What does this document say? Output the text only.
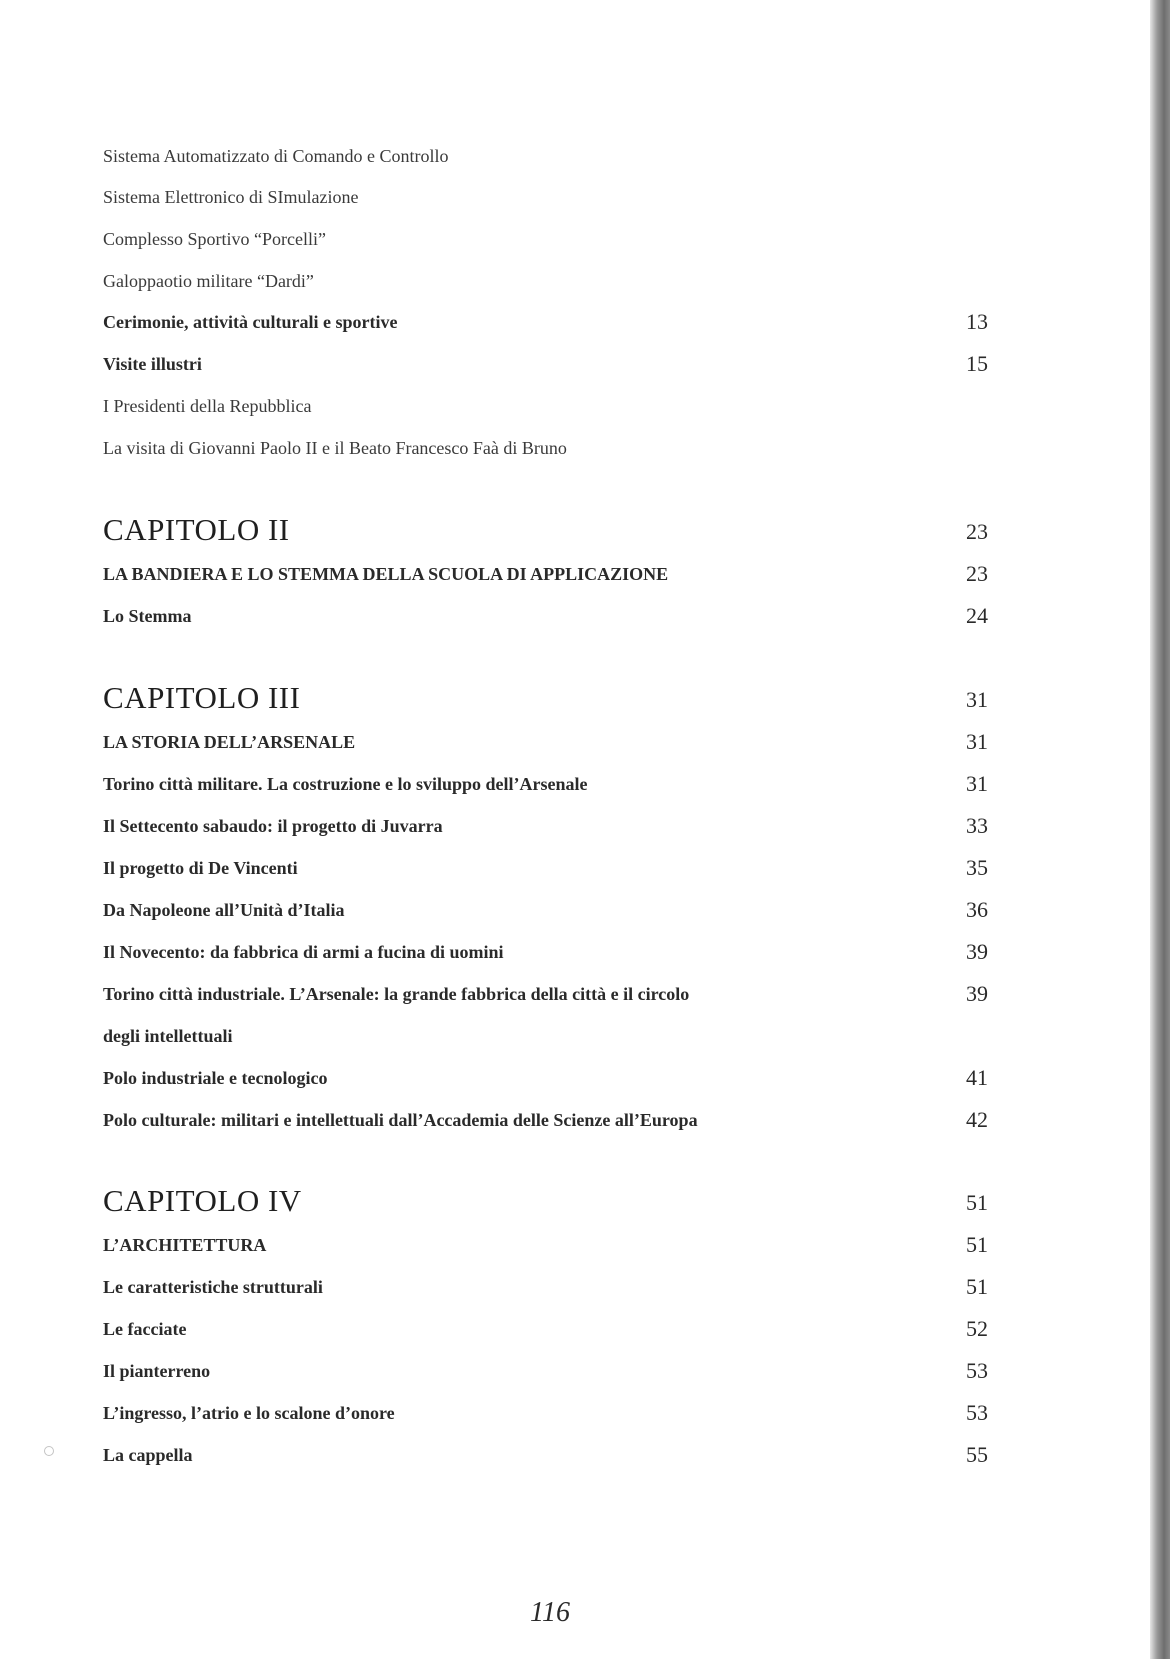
Sistema Automatizzato di Comando e Controllo
Sistema Elettronico di SImulazione
Complesso Sportivo “Porcelli”
Galoppaotio militare “Dardi”
Cerimonie, attività culturali e sportive	13
Visite illustri	15
I Presidenti della Repubblica
La visita di Giovanni Paolo II e il Beato Francesco Faà di Bruno
CAPITOLO II	23
LA BANDIERA E LO STEMMA DELLA SCUOLA DI APPLICAZIONE	23
Lo Stemma	24
CAPITOLO III	31
LA STORIA DELL’ARSENALE	31
Torino città militare. La costruzione e lo sviluppo dell’Arsenale	31
Il Settecento sabaudo: il progetto di Juvarra	33
Il progetto di De Vincenti	35
Da Napoleone all’Unità d’Italia	36
Il Novecento: da fabbrica di armi a fucina di uomini	39
Torino città industriale. L’Arsenale: la grande fabbrica della città e il circolo	39
degli intellettuali
Polo industriale e tecnologico	41
Polo culturale: militari e intellettuali dall’Accademia delle Scienze all’Europa	42
CAPITOLO IV	51
L’ARCHITETTURA	51
Le caratteristiche strutturali	51
Le facciate	52
Il pianterreno	53
L’ingresso, l’atrio e lo scalone d’onore	53
La cappella	55
116
